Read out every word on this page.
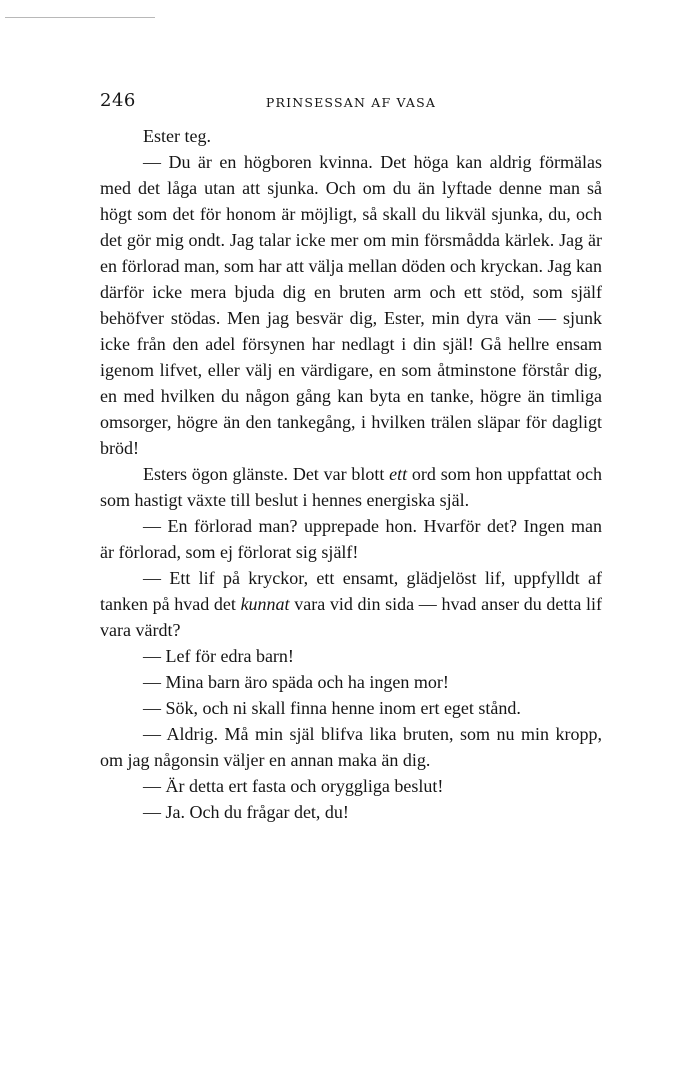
246	PRINSESSAN AF VASA

Ester teg.

— Du är en högboren kvinna. Det höga kan aldrig förmälas med det låga utan att sjunka. Och om du än lyftade denne man så högt som det för honom är möjligt, så skall du likväl sjunka, du, och det gör mig ondt. Jag talar icke mer om min försmådda kärlek. Jag är en förlorad man, som har att välja mellan döden och kryckan. Jag kan därför icke mera bjuda dig en bruten arm och ett stöd, som själf behöfver stödas. Men jag besvär dig, Ester, min dyra vän — sjunk icke från den adel försynen har nedlagt i din själ! Gå hellre ensam igenom lifvet, eller välj en värdigare, en som åtminstone förstår dig, en med hvilken du någon gång kan byta en tanke, högre än timliga omsorger, högre än den tankegång, i hvilken trälen släpar för dagligt bröd!

Esters ögon glänste. Det var blott ett ord som hon uppfattat och som hastigt växte till beslut i hennes energiska själ.

— En förlorad man? upprepade hon. Hvarför det? Ingen man är förlorad, som ej förlorat sig själf!

— Ett lif på kryckor, ett ensamt, glädjelöst lif, uppfylldt af tanken på hvad det kunnat vara vid din sida — hvad anser du detta lif vara värdt?

— Lef för edra barn!

— Mina barn äro späda och ha ingen mor!

— Sök, och ni skall finna henne inom ert eget stånd.

— Aldrig. Må min själ blifva lika bruten, som nu min kropp, om jag någonsin väljer en annan maka än dig.

— Är detta ert fasta och oryggliga beslut!

— Ja. Och du frågar det, du!
